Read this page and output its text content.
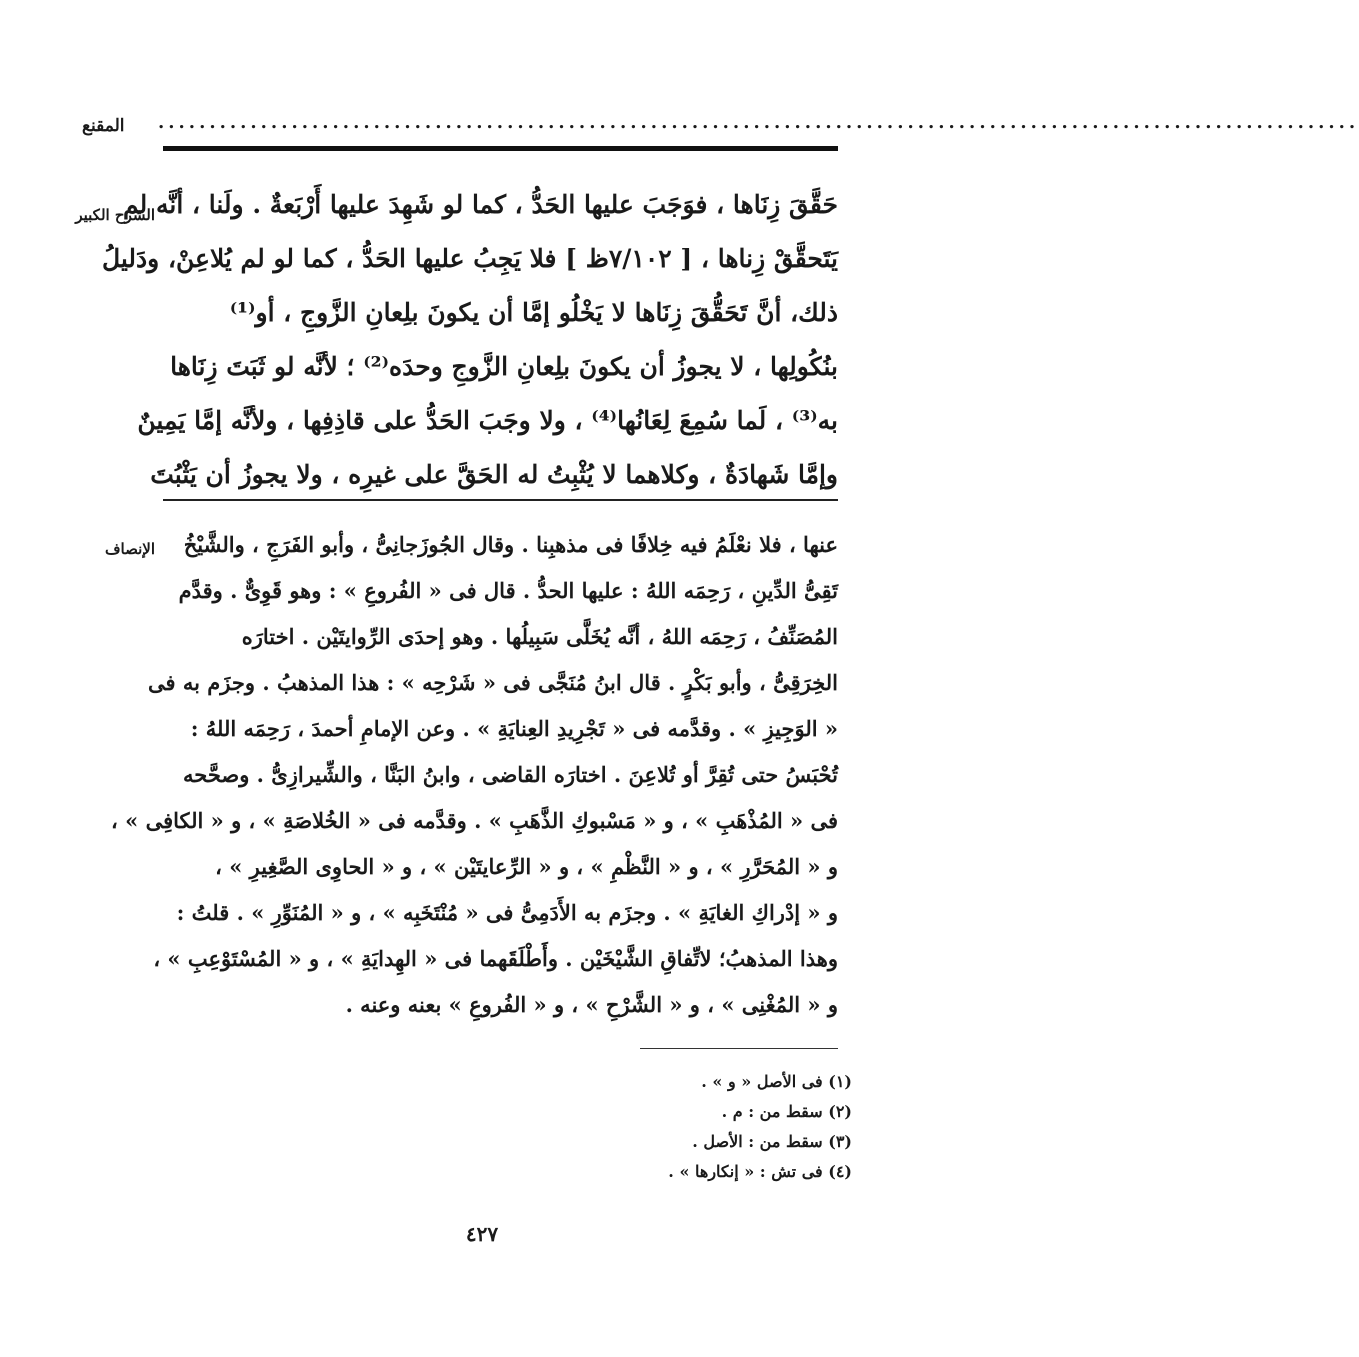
المقنع	.....................................................................................................................
الشرح الكبير
حَقَّقَ زِنَاها ، فوَجَبَ عليها الحَدُّ ، كما لو شَهِدَ عليها أَرْبَعةٌ . ولَنا ، أنَّه لم
يَتَحقَّقْ زِناها ، [ ٧/١٠٢ظ ] فلا يَجِبُ عليها الحَدُّ ، كما لو لم يُلاعِنْ، ودَليلُ
ذلك، أنَّ تَحَقُّقَ زِنَاها لا يَخْلُو إمَّا أن يكونَ بلِعانِ الزَّوجِ ، أو⁽¹⁾
بنُكُولِها ، لا يجوزُ أن يكونَ بلِعانِ الزَّوجِ وحدَه⁽²⁾ ؛ لأنَّه لو ثَبَتَ زِنَاها
به⁽³⁾ ، لَما سُمِعَ لِعَانُها⁽⁴⁾ ، ولا وجَبَ الحَدُّ على قاذِفِها ، ولأنَّه إمَّا يَمِينٌ
وإمَّا شَهادَةٌ ، وكلاهما لا يُثْبِتُ له الحَقَّ على غيرِه ، ولا يجوزُ أن يَثْبُتَ
الإنصاف	عنها ، فلا نعْلَمُ فيه خِلافًا فى مذهبِنا . وقال الجُوزَجانِىُّ ، وأبو الفَرَجِ ، والشَّيْخُ
تَقِىُّ الدِّينِ ، رَحِمَه اللهُ : عليها الحدُّ . قال فى « الفُروعِ » : وهو قَوِىٌّ . وقدَّم
المُصَنِّفُ ، رَحِمَه اللهُ ، أنَّه يُخَلَّى سَبِيلُها . وهو إحدَى الرِّوايتَيْن . اختارَه
الخِرَقِىُّ ، وأبو بَكْرٍ . قال ابنُ مُنَجَّى فى « شَرْحِه » : هذا المذهبُ . وجزَم به فى
« الوَجِيزِ » . وقدَّمه فى « تَجْرِيدِ العِنايَةِ » . وعن الإمامِ أحمدَ ، رَحِمَه اللهُ :
تُحْبَسُ حتى تُقِرَّ أو تُلاعِنَ . اختارَه القاضى ، وابنُ البَنَّا ، والشِّيرازِىُّ . وصحَّحه
فى « المُذْهَبِ » ، و « مَسْبوكِ الذَّهَبِ » . وقدَّمه فى « الخُلاصَةِ » ، و « الكافِى » ،
و « المُحَرَّرِ » ، و « النَّظْمِ » ، و « الرِّعايتَيْن » ، و « الحاوِى الصَّغِيرِ » ،
و « إدْراكِ الغايَةِ » . وجزَم به الأَدَمِىُّ فى « مُنْتَخَبِه » ، و « المُنَوِّرِ » . قلتُ :
وهذا المذهبُ؛ لاتِّفاقِ الشَّيْخَيْن . وأَطْلَقَهما فى « الهِدايَةِ » ، و « المُسْتَوْعِبِ » ،
و « المُغْنِى » ، و « الشَّرْحِ » ، و « الفُروعِ » بعنه وعنه .
(١) فى الأصل « و » .
(٢) سقط من : م .
(٣) سقط من : الأصل .
(٤) فى تش : « إنكارها » .
٤٢٧
